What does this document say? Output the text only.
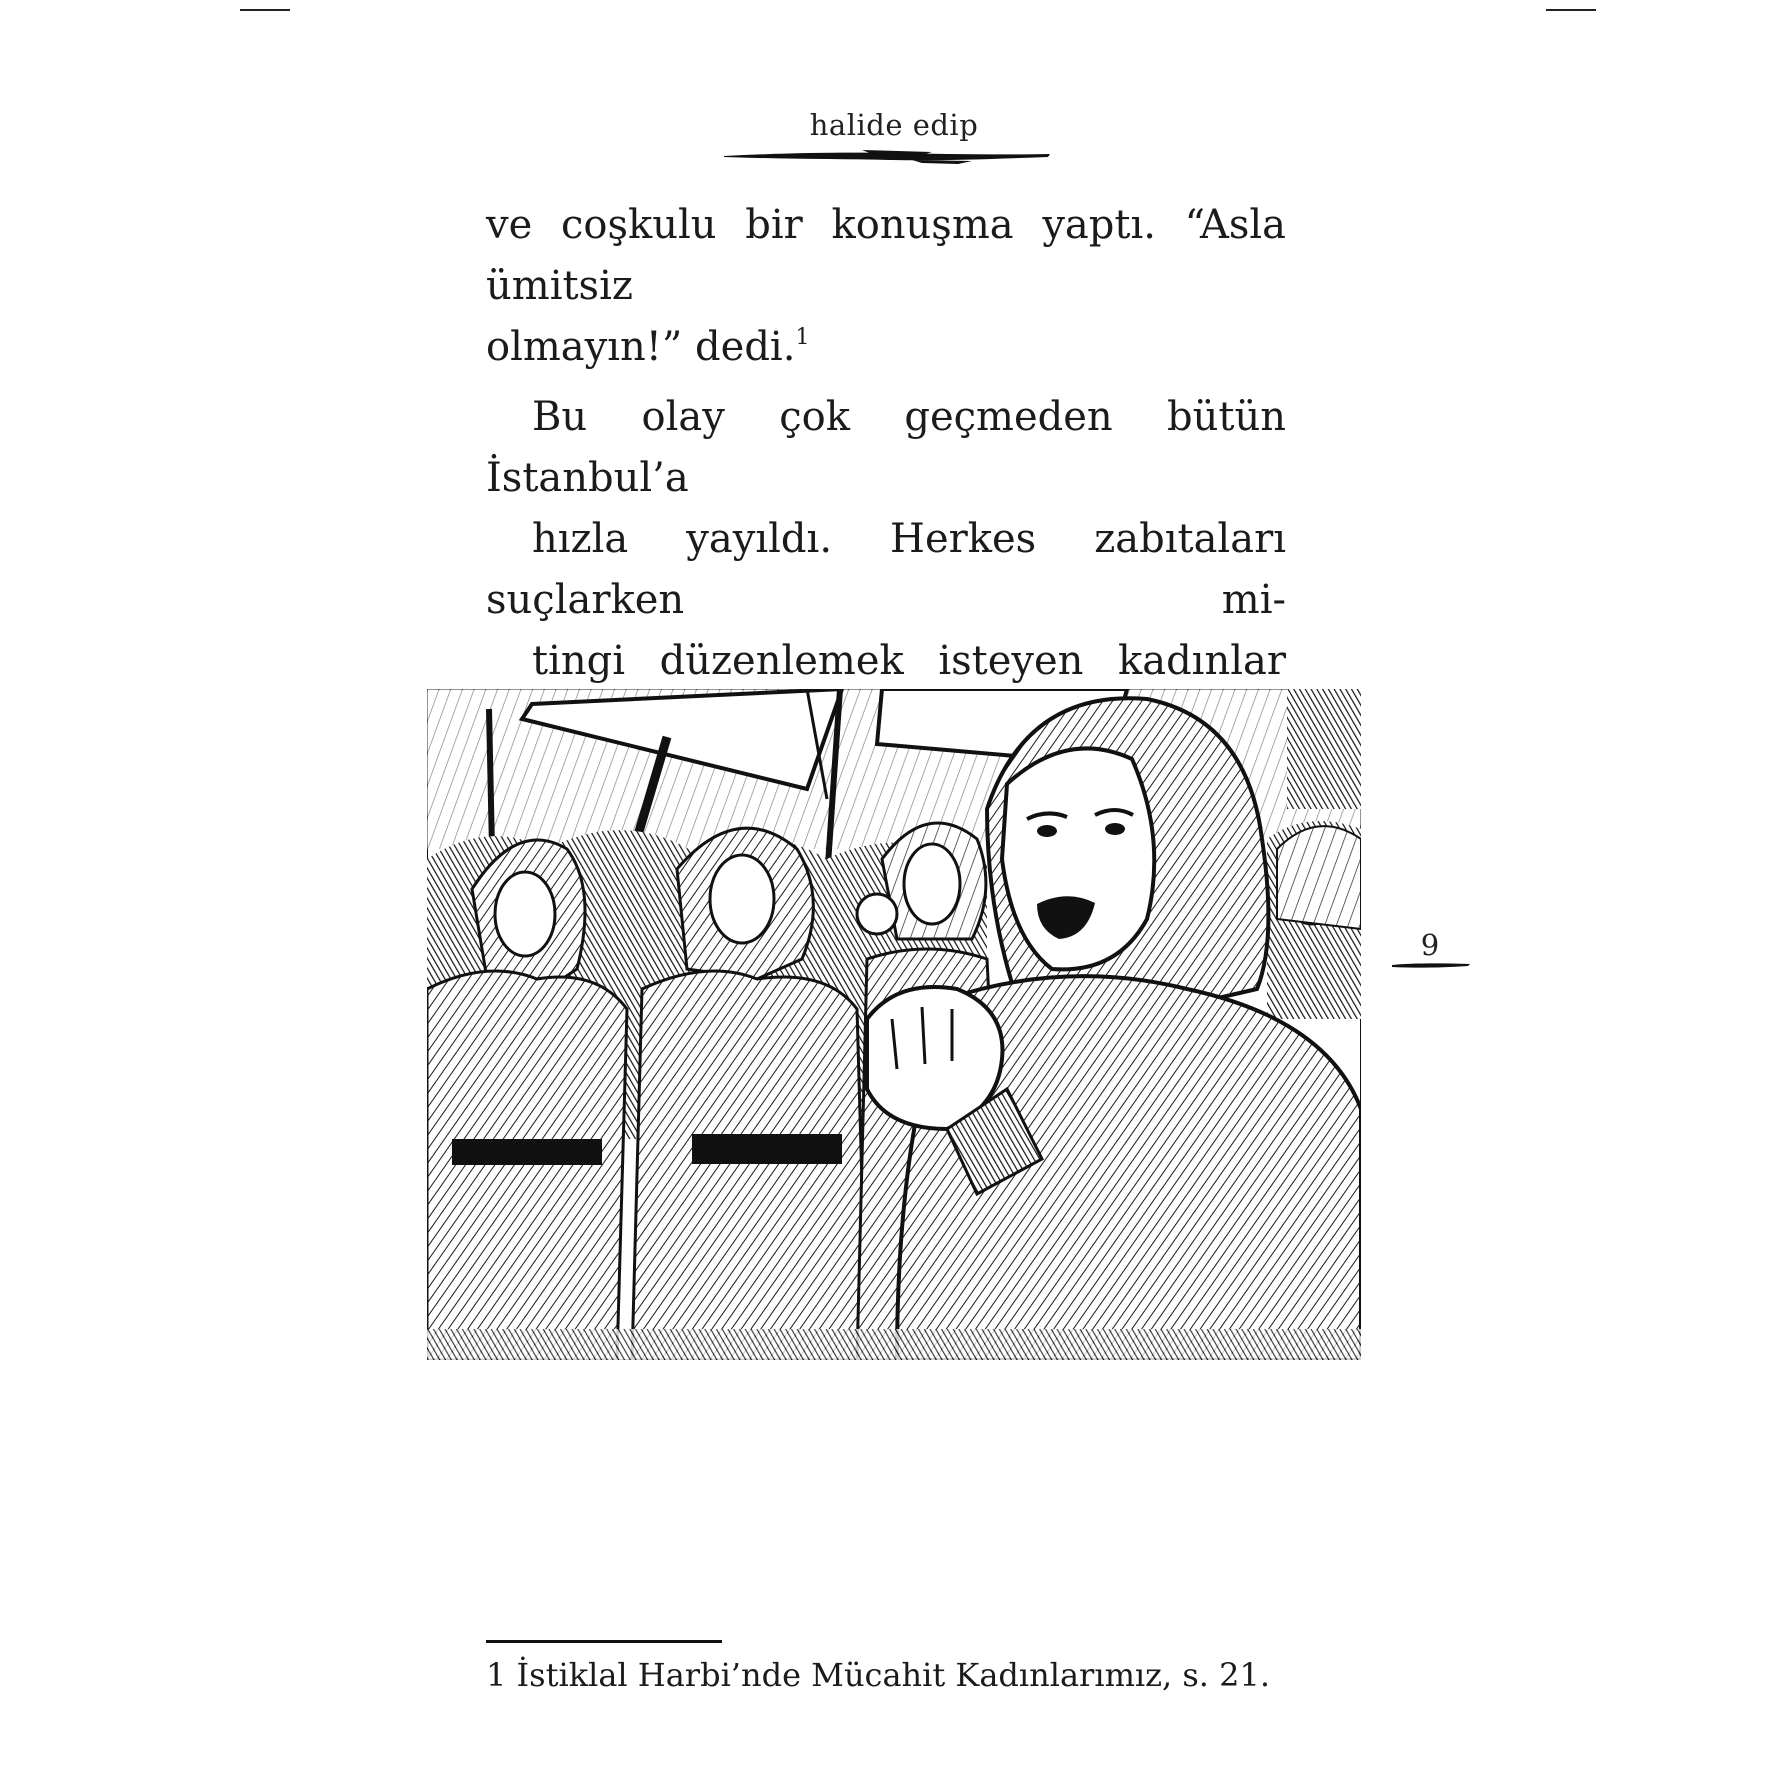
halide edip

ve coşkulu bir konuşma yaptı. “Asla ümitsiz
olmayın!” dedi.$^1$

Bu olay çok geçmeden bütün İstanbul’a
hızla yayıldı. Herkes zabıtaları suçlarken mi-
tingi düzenlemek isteyen kadınlar

9
1 İstiklal Harbi’nde Mücahit Kadınlarımız, s. 21.
